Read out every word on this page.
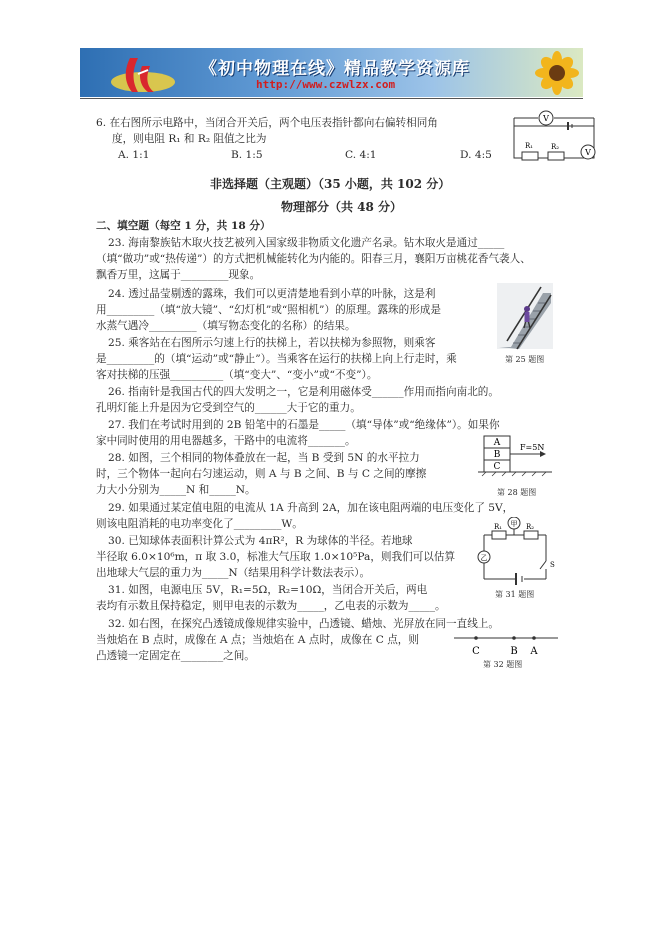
《初中物理在线》精品教学资源库
http://www.czwlzx.com
6. 在右图所示电路中，当闭合开关后，两个电压表指针都向右偏转相同角
度，则电阻 R₁ 和 R₂ 阻值之比为
A. 1:1	B. 1:5	C. 4:1	D. 4:5
V
V
R₁	R₂
非选择题（主观题）（35 小题，共 102 分）
物理部分（共 48 分）
二、填空题（每空 1 分，共 18 分）
23. 海南黎族钻木取火技艺被列入国家级非物质文化遗产名录。钻木取火是通过_____
（填“做功”或“热传递”）的方式把机械能转化为内能的。阳春三月，襄阳万亩桃花香气袭人、
飘香万里，这属于_________现象。
24. 透过晶莹剔透的露珠，我们可以更清楚地看到小草的叶脉，这是利
用_________（填“放大镜”、“幻灯机”或“照相机”）的原理。露珠的形成是
水蒸气遇冷_________（填写物态变化的名称）的结果。
25. 乘客站在右图所示匀速上行的扶梯上，若以扶梯为参照物，则乘客
是_________的（填“运动”或“静止”）。当乘客在运行的扶梯上向上行走时，乘
客对扶梯的压强__________（填“变大”、“变小”或“不变”）。
26. 指南针是我国古代的四大发明之一，它是利用磁体受______作用而指向南北的。
孔明灯能上升是因为它受到空气的______大于它的重力。
27. 我们在考试时用到的 2B 铅笔中的石墨是_____（填“导体”或“绝缘体”）。如果你
家中同时使用的用电器越多，干路中的电流将_______。
28. 如图，三个相同的物体叠放在一起，当 B 受到 5N 的水平拉力
时，三个物体一起向右匀速运动，则 A 与 B 之间、B 与 C 之间的摩擦
力大小分别为_____N 和_____N。
29. 如果通过某定值电阻的电流从 1A 升高到 2A，加在该电阻两端的电压变化了 5V，
则该电阻消耗的电功率变化了_________W。
30. 已知球体表面积计算公式为 4πR²，R 为球体的半径。若地球
半径取 6.0×10⁶m，π 取 3.0，标准大气压取 1.0×10⁵Pa，则我们可以估算
出地球大气层的重力为_____N（结果用科学计数法表示）。
31. 如图，电源电压 5V，R₁=5Ω，R₂=10Ω，当闭合开关后，两电
表均有示数且保持稳定，则甲电表的示数为_____，乙电表的示数为_____。
32. 如右图，在探究凸透镜成像规律实验中，凸透镜、蜡烛、光屏放在同一直线上。
当烛焰在 B 点时，成像在 A 点；当烛焰在 A 点时，成像在 C 点，则
凸透镜一定固定在________之间。
第 25 题图
A
B
C
F=5N
第 28 题图
甲
乙
R₁	R₂
S
第 31 题图
C	B A
第 32 题图
